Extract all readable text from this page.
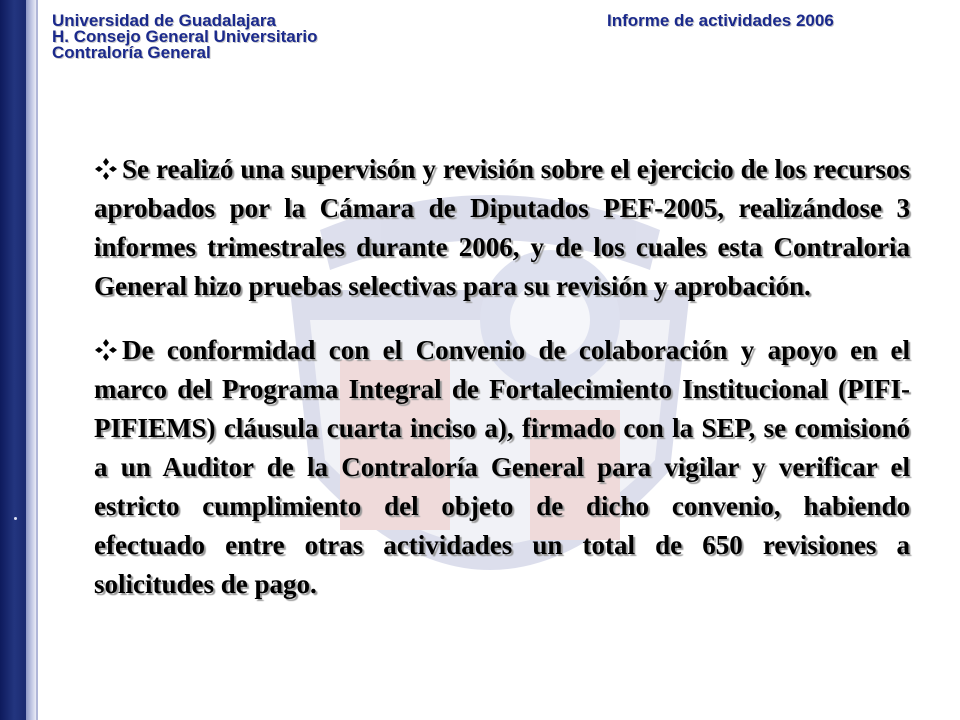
Universidad de Guadalajara
H. Consejo General Universitario
Contraloría General
Informe de actividades 2006

Se realizó una supervisón y revisión sobre el ejercicio de los recursos aprobados por la Cámara de Diputados PEF-2005, realizándose 3 informes trimestrales durante 2006, y de los cuales esta Contraloria General hizo pruebas selectivas para su revisión y aprobación.

De conformidad con el Convenio de colaboración y apoyo en el marco del Programa Integral de Fortalecimiento Institucional (PIFI-PIFIEMS) cláusula cuarta inciso a), firmado con la SEP, se comisionó a un Auditor de la Contraloría General para vigilar y verificar el estricto cumplimiento del objeto de dicho convenio, habiendo efectuado entre otras actividades un total de 650 revisiones a solicitudes de pago.
